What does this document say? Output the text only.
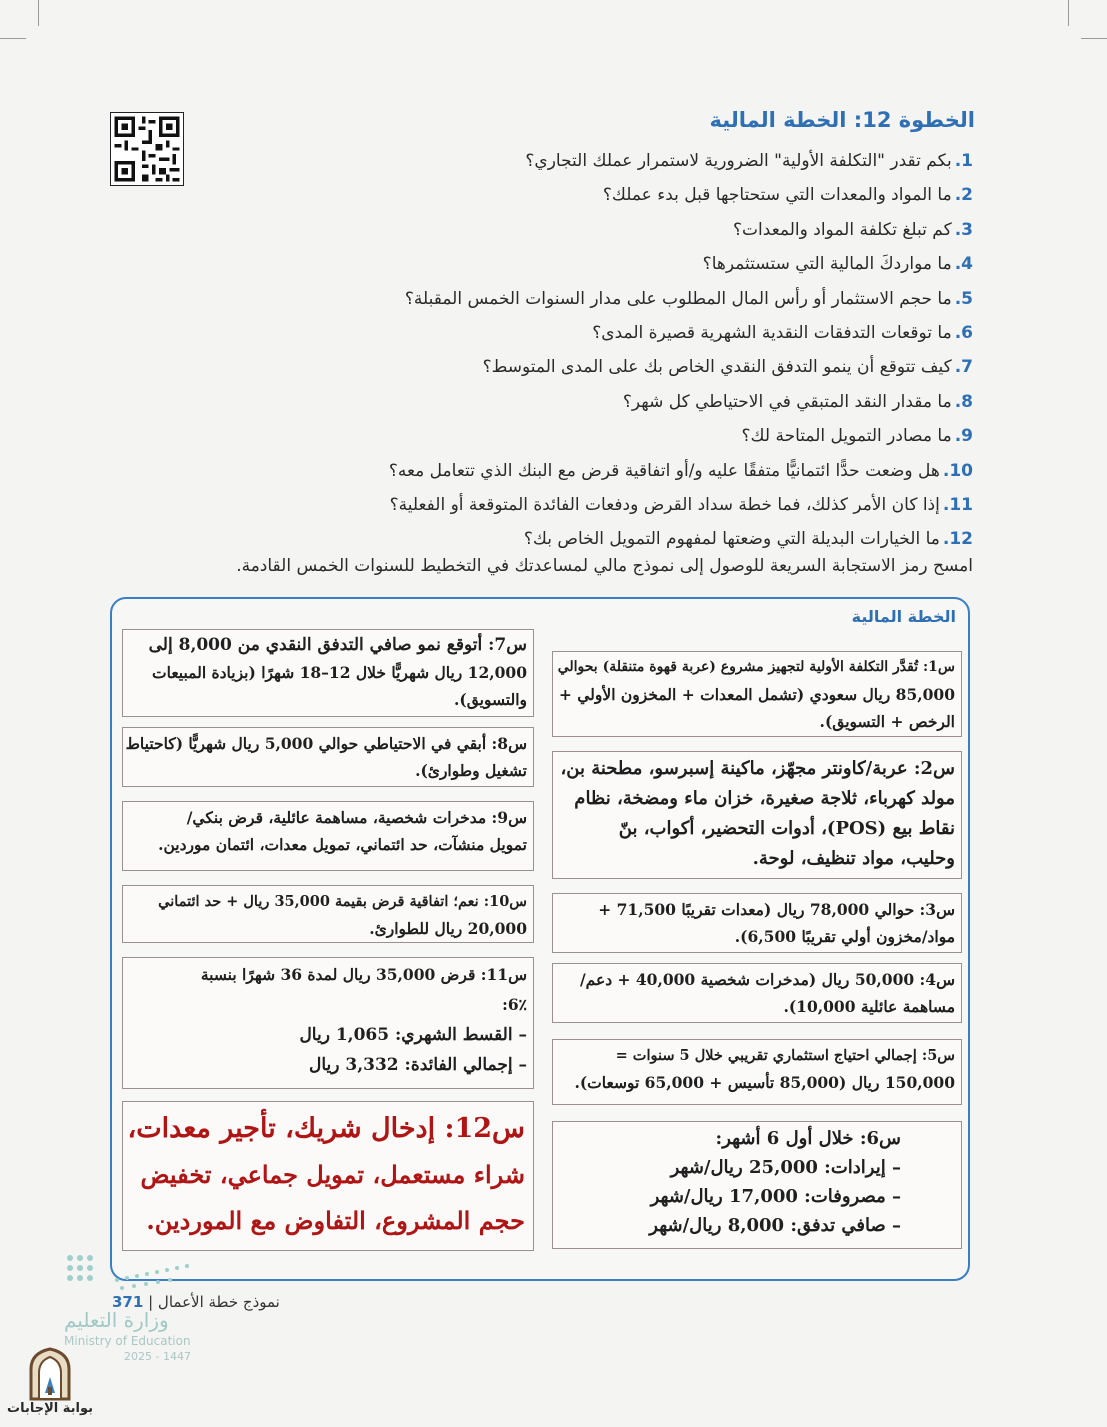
الخطوة 12: الخطة المالية
1.بكم تقدر "التكلفة الأولية" الضرورية لاستمرار عملك التجاري؟
2.ما المواد والمعدات التي ستحتاجها قبل بدء عملك؟
3.كم تبلغ تكلفة المواد والمعدات؟
4.ما مواردكَ المالية التي ستستثمرها؟
5.ما حجم الاستثمار أو رأس المال المطلوب على مدار السنوات الخمس المقبلة؟
6.ما توقعات التدفقات النقدية الشهرية قصيرة المدى؟
7.كيف تتوقع أن ينمو التدفق النقدي الخاص بك على المدى المتوسط؟
8.ما مقدار النقد المتبقي في الاحتياطي كل شهر؟
9.ما مصادر التمويل المتاحة لك؟
10.هل وضعت حدًّا ائتمانيًّا متفقًا عليه و/أو اتفاقية قرض مع البنك الذي تتعامل معه؟
11.إذا كان الأمر كذلك، فما خطة سداد القرض ودفعات الفائدة المتوقعة أو الفعلية؟
12.ما الخيارات البديلة التي وضعتها لمفهوم التمويل الخاص بك؟

امسح رمز الاستجابة السريعة للوصول إلى نموذج مالي لمساعدتك في التخطيط للسنوات الخمس القادمة.

الخطة المالية
س1: تُقدَّر التكلفة الأولية لتجهيز مشروع (عربة قهوة متنقلة) بحوالي
85,000 ريال سعودي (تشمل المعدات + المخزون الأولي +
الرخص + التسويق).
س2: عربة/كاونتر مجهّز، ماكينة إسبرسو، مطحنة بن،
مولد كهرباء، ثلاجة صغيرة، خزان ماء ومضخة، نظام
نقاط بيع (POS)، أدوات التحضير، أكواب، بنّ
وحليب، مواد تنظيف، لوحة.
س3: حوالي 78,000 ريال (معدات تقريبًا 71,500 +
مواد/مخزون أولي تقريبًا 6,500).
س4: 50,000 ريال (مدخرات شخصية 40,000 + دعم/
مساهمة عائلية 10,000).
س5: إجمالي احتياج استثماري تقريبي خلال 5 سنوات =
150,000 ريال (85,000 تأسيس + 65,000 توسعات).
س6: خلال أول 6 أشهر:
– إيرادات: 25,000 ريال/شهر
– مصروفات: 17,000 ريال/شهر
– صافي تدفق: 8,000 ريال/شهر
س7: أتوقع نمو صافي التدفق النقدي من 8,000 إلى
12,000 ريال شهريًّا خلال 12–18 شهرًا (بزيادة المبيعات
والتسويق).
س8: أبقي في الاحتياطي حوالي 5,000 ريال شهريًّا (كاحتياط
تشغيل وطوارئ).
س9: مدخرات شخصية، مساهمة عائلية، قرض بنكي/
تمويل منشآت، حد ائتماني، تمويل معدات، ائتمان موردين.
س10: نعم؛ اتفاقية قرض بقيمة 35,000 ريال + حد ائتماني
20,000 ريال للطوارئ.
س11: قرض 35,000 ريال لمدة 36 شهرًا بنسبة
6٪:
– القسط الشهري: 1,065 ريال
– إجمالي الفائدة: 3,332 ريال
س12: إدخال شريك، تأجير معدات،
شراء مستعمل، تمويل جماعي، تخفيض
حجم المشروع، التفاوض مع الموردين.
وزارة التعليم
Ministry of Education
2025 - 1447
نموذج خطة الأعمال | 371
بوابة الإجابات
